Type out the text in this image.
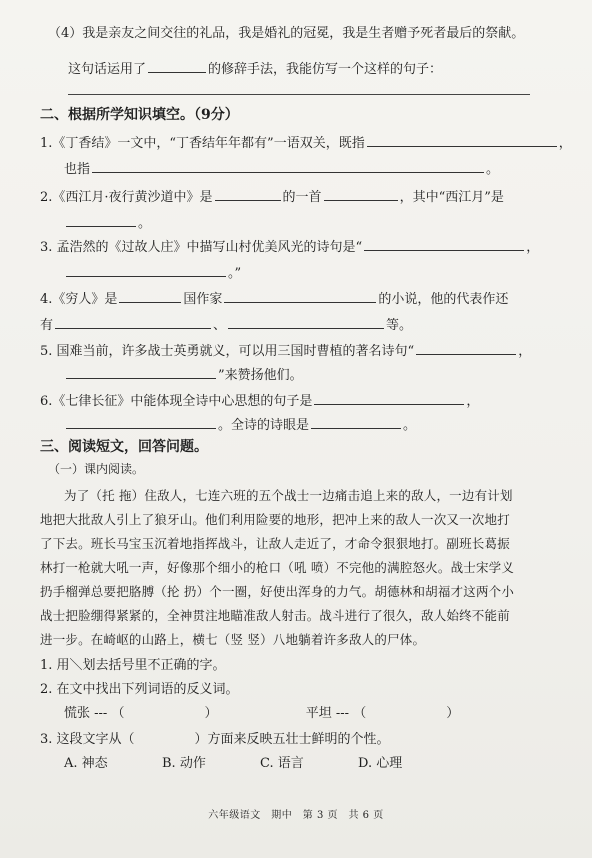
（4）我是亲友之间交往的礼品，我是婚礼的冠冕，我是生者赠予死者最后的祭献。
这句话运用了	的修辞手法，我能仿写一个这样的句子：
二、根据所学知识填空。（9分）
1.《丁香结》一文中，“丁香结年年都有”一语双关，既指	，
也指	。
2.《西江月·夜行黄沙道中》是	的一首	，其中“西江月”是
。
3. 孟浩然的《过故人庄》中描写山村优美风光的诗句是“	，
。”
4.《穷人》是	国作家	的小说，他的代表作还
有	、	等。
5. 国难当前，许多战士英勇就义，可以用三国时曹植的著名诗句“	，
”来赞扬他们。
6.《七律长征》中能体现全诗中心思想的句子是	，
。全诗的诗眼是	。
三、阅读短文，回答问题。
（一）课内阅读。
为了（托 拖）住敌人，七连六班的五个战士一边痛击追上来的敌人，一边有计划
地把大批敌人引上了狼牙山。他们利用险要的地形，把冲上来的敌人一次又一次地打
了下去。班长马宝玉沉着地指挥战斗，让敌人走近了，才命令狠狠地打。副班长葛振
林打一枪就大吼一声，好像那个细小的枪口（吼 喷）不完他的满腔怒火。战士宋学义
扔手榴弹总要把胳膊（抡 扔）个一圈，好使出浑身的力气。胡德林和胡福才这两个小
战士把脸绷得紧紧的，全神贯注地瞄准敌人射击。战斗进行了很久，敌人始终不能前
进一步。在崎岖的山路上，横七（竖 竖）八地躺着许多敌人的尸体。
1. 用＼划去括号里不正确的字。
2. 在文中找出下列词语的反义词。
慌张 --- （	）	平坦 --- （	）
3. 这段文字从（	）方面来反映五壮士鲜明的个性。
A. 神态	B. 动作	C. 语言	D. 心理
六年级语文　期中　第 3 页　共 6 页
